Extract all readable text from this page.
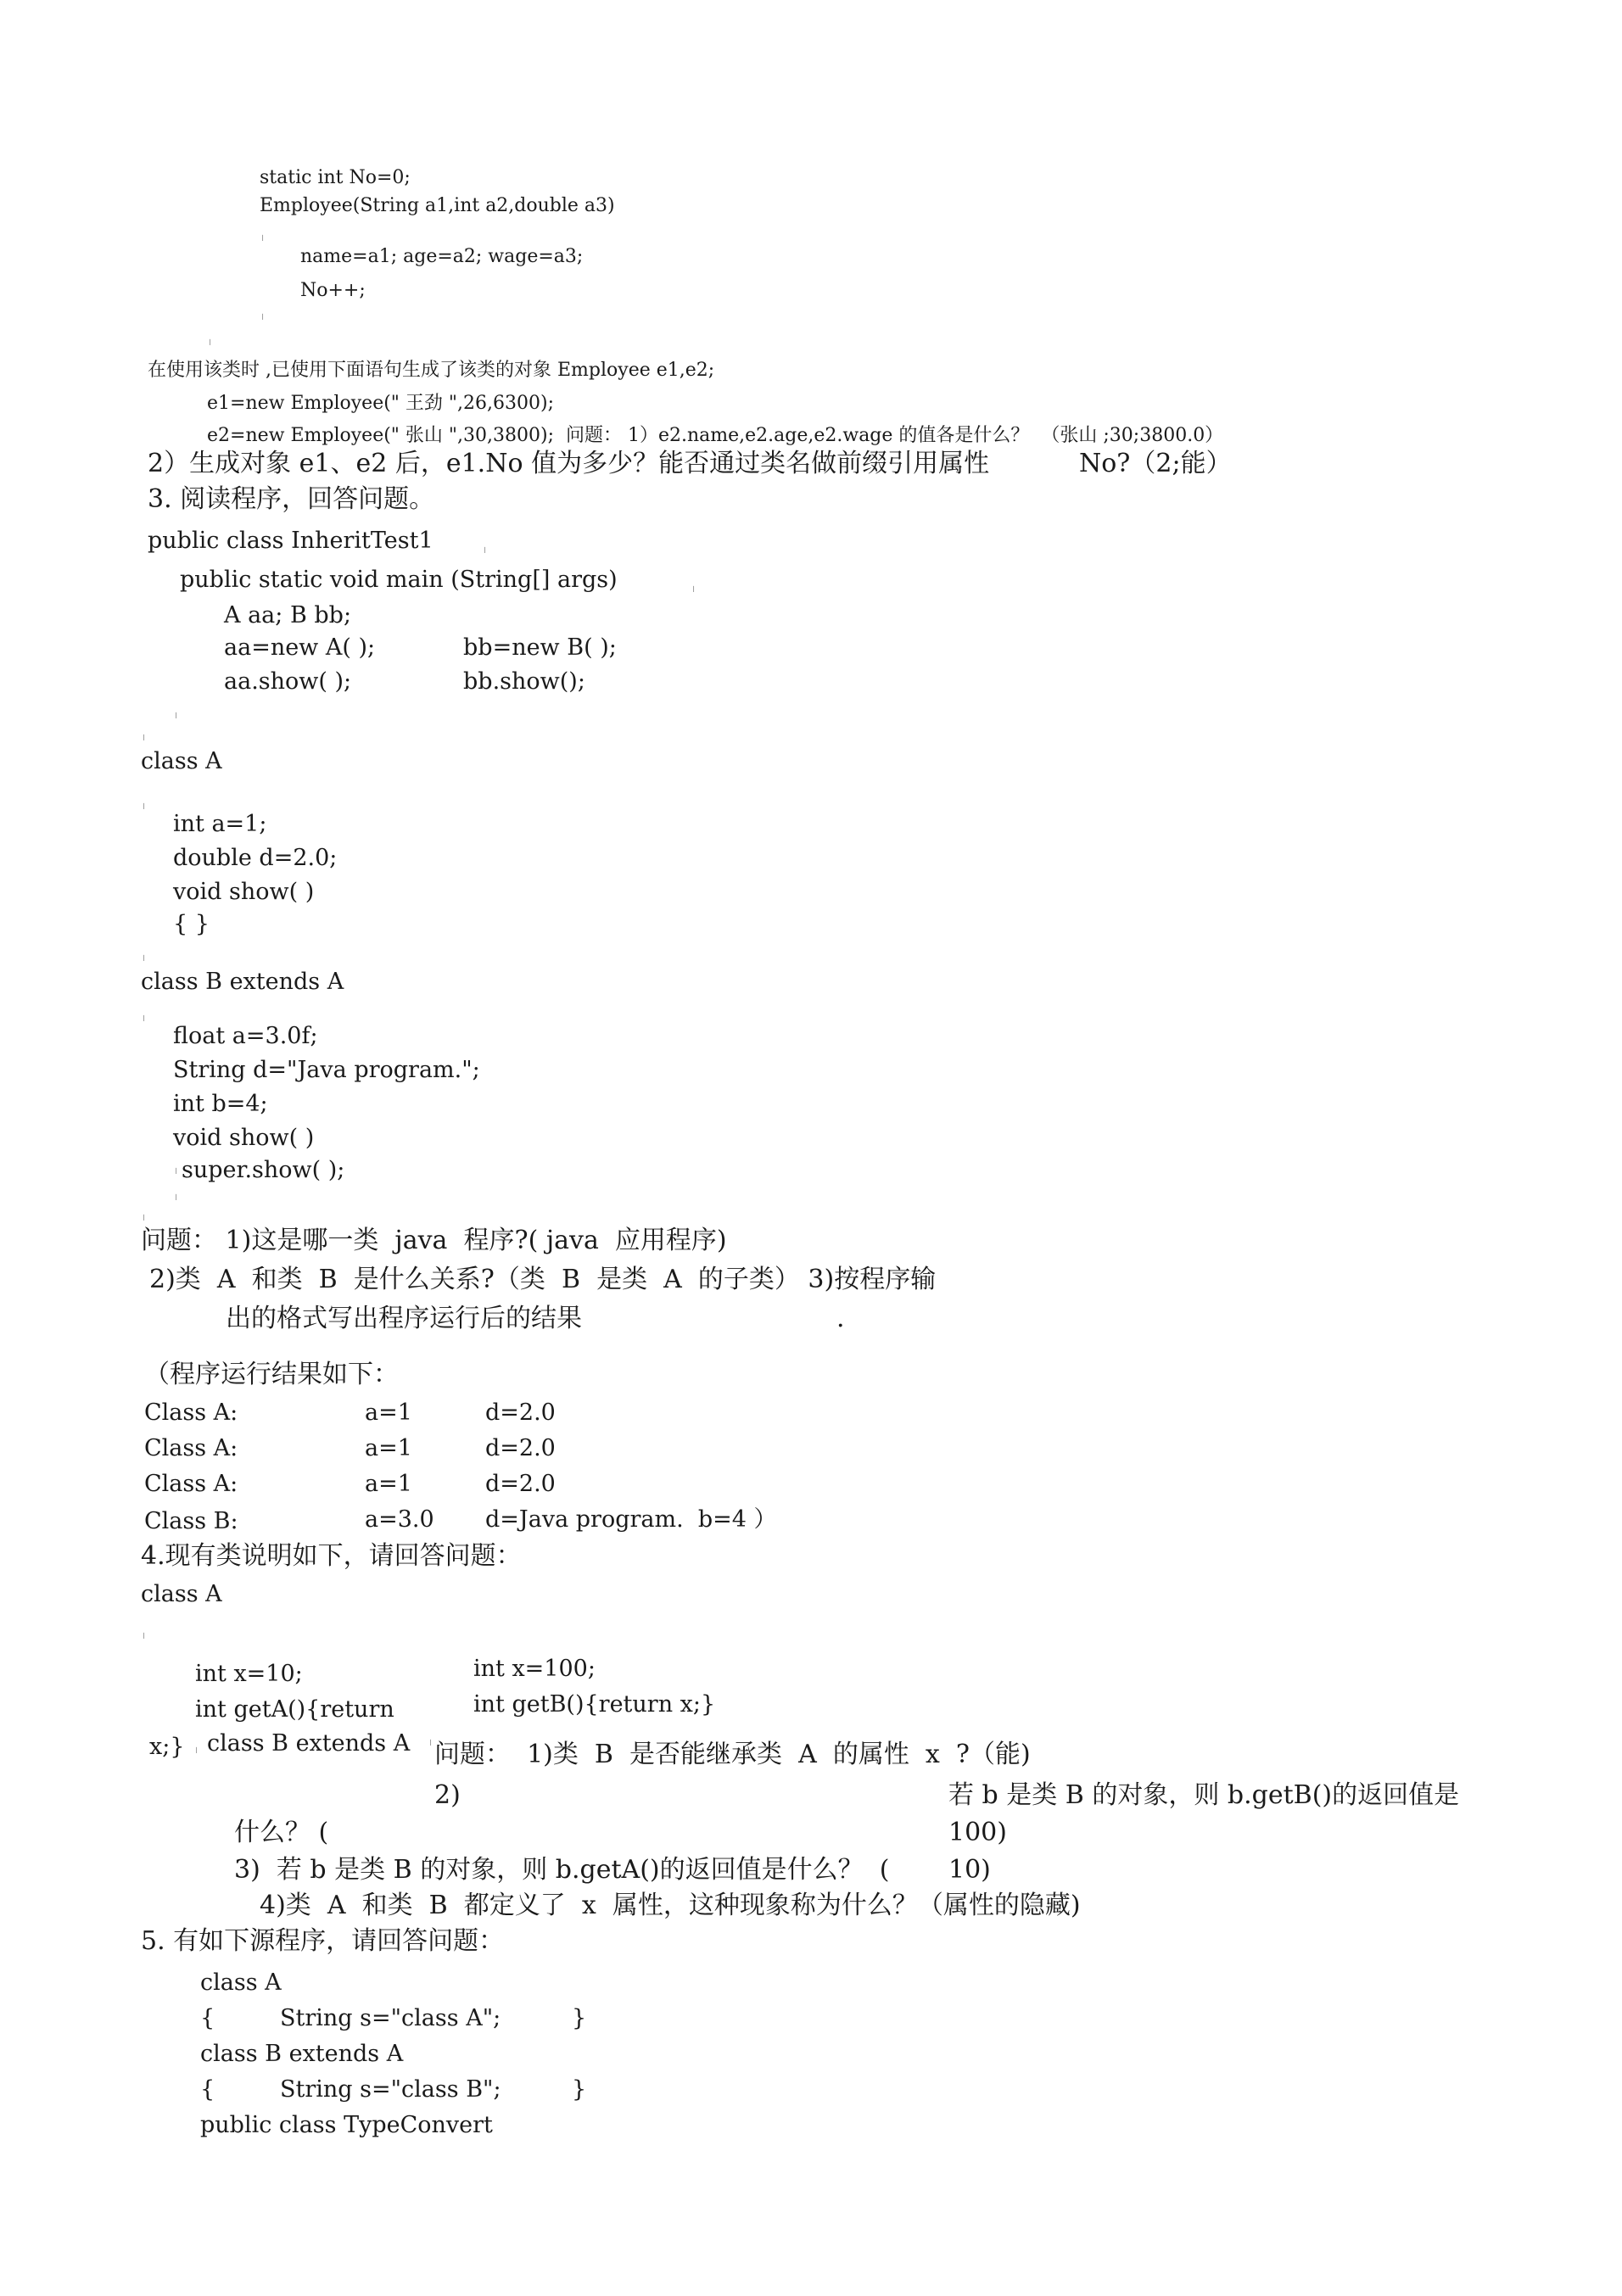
static int No=0;
Employee(String a1,int a2,double a3)
╷
name=a1; age=a2; wage=a3;
No++;
╵
╵
在使用该类时 ,已使用下面语句生成了该类的对象 Employee e1,e2;
e1=new Employee(" 王劲 ",26,6300);
e2=new Employee(" 张山 ",30,3800);  问题： 1）e2.name,e2.age,e2.wage 的值各是什么？  （张山 ;30;3800.0）
2）生成对象 e1、e2 后，e1.No 值为多少？能否通过类名做前缀引用属性	No?（2;能）
3. 阅读程序，回答问题。
public class InheritTest1	╷
public static void main (String[] args)	╷
A aa; B bb;
aa=new A( );	bb=new B( );
aa.show( );	bb.show();
╵
╵
class A
╷
int a=1;
double d=2.0;
void show( )
{ }
╵
class B extends A
╷
float a=3.0f;
String d="Java program.";
int b=4;
void show( )
╷ super.show( );
╵
╵
问题： 1)这是哪一类  java  程序?( java  应用程序)
2)类  A  和类  B  是什么关系?（类  B  是类  A  的子类） 3)按程序输
出的格式写出程序运行后的结果	.
（程序运行结果如下：
Class A:	a=1	d=2.0
Class A:	a=1	d=2.0
Class A:	a=1	d=2.0
Class B:	a=3.0 d=Java program.  b=4 ）
4.现有类说明如下，请回答问题：
class A
╷
int x=10;	int x=100;
int getA(){return	int getB(){return x;}
x;} ╵ class B extends A ╷ 问题：  1)类  B  是否能继承类  A  的属性  x  ?（能)
2)	若 b 是类 B 的对象，则 b.getB()的返回值是
什么？ (	100)
3)  若 b 是类 B 的对象，则 b.getA()的返回值是什么？  ( 10)
4)类  A  和类  B  都定义了  x  属性，这种现象称为什么？（属性的隐藏)
5. 有如下源程序，请回答问题：
class A
{	String s="class A";	}
class B extends A
{	String s="class B";	}
public class TypeConvert
